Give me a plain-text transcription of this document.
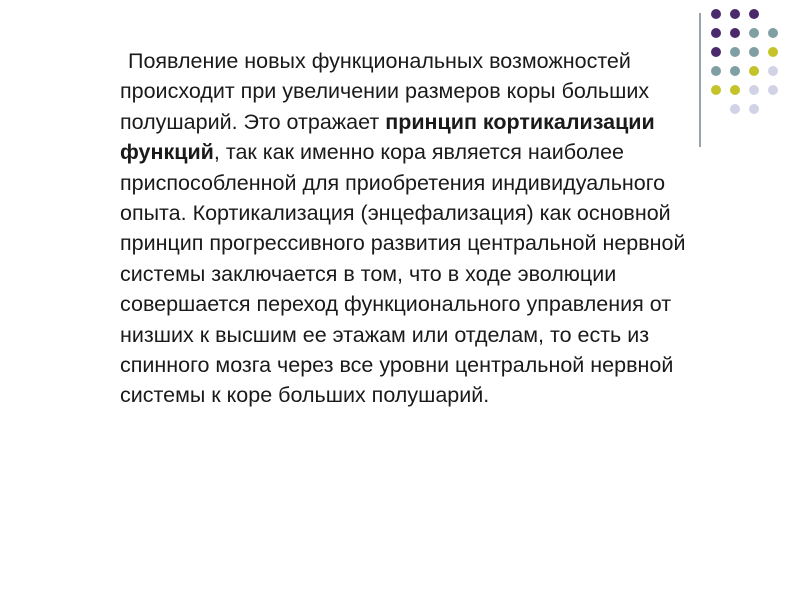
Появление новых функциональных возможностей происходит при увеличении размеров коры больших полушарий. Это отражает принцип кортикализации функций, так как именно кора является наиболее приспособленной для приобретения индивидуального опыта. Кортикализация (энцефализация) как основной принцип прогрессивного развития центральной нервной системы заключается в том, что в ходе эволюции совершается переход функционального управления от низших к высшим ее этажам или отделам, то есть из спинного мозга через все уровни центральной нервной системы к коре больших полушарий.
